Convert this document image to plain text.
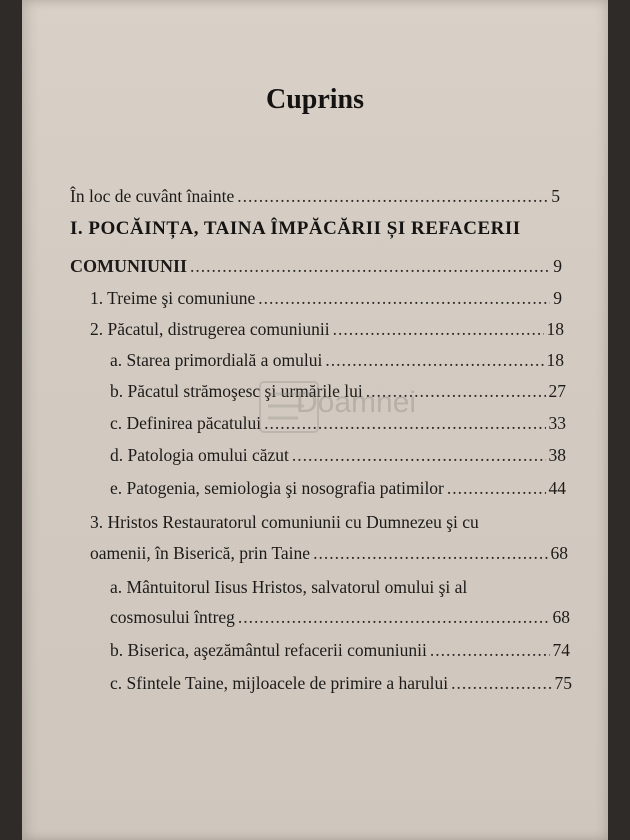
Cuprins
În loc de cuvânt înainte .....	5
I. POCĂINȚA, TAINA ÎMPĂCĂRII ȘI REFACERII
COMUNIUNII .....	9
1. Treime şi comuniune .....	9
2. Păcatul, distrugerea comuniunii .....	18
a. Starea primordială a omului .....	18
b. Păcatul strămoşesc şi urmările lui .....	27
c. Definirea păcatului .....	33
d. Patologia omului căzut .....	38
e. Patogenia, semiologia şi nosografia patimilor .....	44
3. Hristos Restauratorul comuniunii cu Dumnezeu şi cu
oamenii, în Biserică, prin Taine .....	68
a. Mântuitorul Iisus Hristos, salvatorul omului şi al
cosmosului întreg .....	68
b. Biserica, aşezământul refacerii comuniunii .....	74
c. Sfintele Taine, mijloacele de primire a harului .....	75
Doamnei
